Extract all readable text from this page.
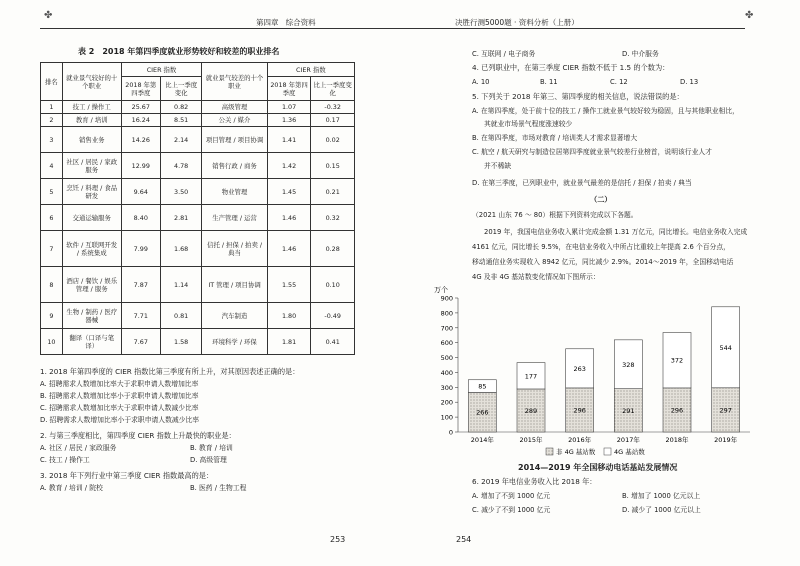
✤
第四章 综合资料
表 2　2018 年第四季度就业形势较好和较差的职业排名
排名	就业景气较好的十个职业	CIER 指数		就业景气较差的十个职业	CIER 指数	
		2018 年第四季度	比上一季度变化		2018 年第四季度	比上一季度变化
1	技工 / 操作工	25.67	0.82	高级管理	1.07	-0.32
2	教育 / 培训	16.24	8.51	公关 / 媒介	1.36	0.17
3	销售业务	14.26	2.14	项目管理 / 项目协调	1.41	0.02
4	社区 / 居民 / 家政服务	12.99	4.78	销售行政 / 商务	1.42	0.15
5	烹饪 / 料理 / 食品研发	9.64	3.50	物业管理	1.45	0.21
6	交通运输服务	8.40	2.81	生产管理 / 运营	1.46	0.32
7	软件 / 互联网开发 / 系统集成	7.99	1.68	信托 / 担保 / 拍卖 / 典当	1.46	0.28
8	酒店 / 餐饮 / 娱乐管理 / 服务	7.87	1.14	IT 管理 / 项目协调	1.55	0.10
9	生物 / 制药 / 医疗器械	7.71	0.81	汽车制造	1.80	-0.49
10	翻译（口译与笔译）	7.67	1.58	环境科学 / 环保	1.81	0.41
1. 2018 年第四季度的 CIER 指数比第三季度有所上升，对其原因表述正确的是：
A. 招聘需求人数增加比率大于求职申请人数增加比率
B. 招聘需求人数增加比率小于求职申请人数增加比率
C. 招聘需求人数增加比率大于求职申请人数减少比率
D. 招聘需求人数增加比率小于求职申请人数减少比率
2. 与第三季度相比，第四季度 CIER 指数上升最快的职业是：
A. 社区 / 居民 / 家政服务	B. 教育 / 培训
C. 技工 / 操作工	D. 高级管理
3. 2018 年下列行业中第三季度 CIER 指数最高的是：
A. 教育 / 培训 / 院校	B. 医药 / 生物工程
253
决胜行测5000题 · 资料分析（上册）
✤
C. 互联网 / 电子商务	D. 中介服务
4. 已列职业中，在第三季度 CIER 指数不低于 1.5 的个数为：
A. 10	B. 11	C. 12	D. 13
5. 下列关于 2018 年第三、第四季度的相关信息，说法错误的是：
A. 在第四季度，处于前十位的技工 / 操作工就业景气较好较为稳固，且与其他职业相比，
其就业市场景气程度涨速较少
B. 在第四季度，市场对教育 / 培训类人才需求显著增大
C. 航空 / 航天研究与制造位居第四季度就业景气较差行业榜首，说明该行业人才
并不稀缺
D. 在第三季度，已列职业中，就业景气最差的是信托 / 担保 / 拍卖 / 典当
（二）
（2021 山东 76 ～ 80）根据下列资料完成以下各题。
2019 年，我国电信业务收入累计完成金额 1.31 万亿元，同比增长。电信业务收入完成
4161 亿元，同比增长 9.5%，在电信业务收入中所占比重较上年提高 2.6 个百分点，
移动通信业务实现收入 8942 亿元，同比减少 2.9%。2014～2019 年，全国移动电话
4G 及非 4G 基站数变化情况如下图所示：
万个
0
100
200
300
400
500
600
700
800
900
266
85
2014年
289
177
2015年
296
263
2016年
291
328
2017年
296
372
2018年
297
544
2019年
非 4G 基站数	4G 基站数
2014—2019 年全国移动电话基站发展情况
6. 2019 年电信业务收入比 2018 年：
A. 增加了不到 1000 亿元	B. 增加了 1000 亿元以上
C. 减少了不到 1000 亿元	D. 减少了 1000 亿元以上
254
